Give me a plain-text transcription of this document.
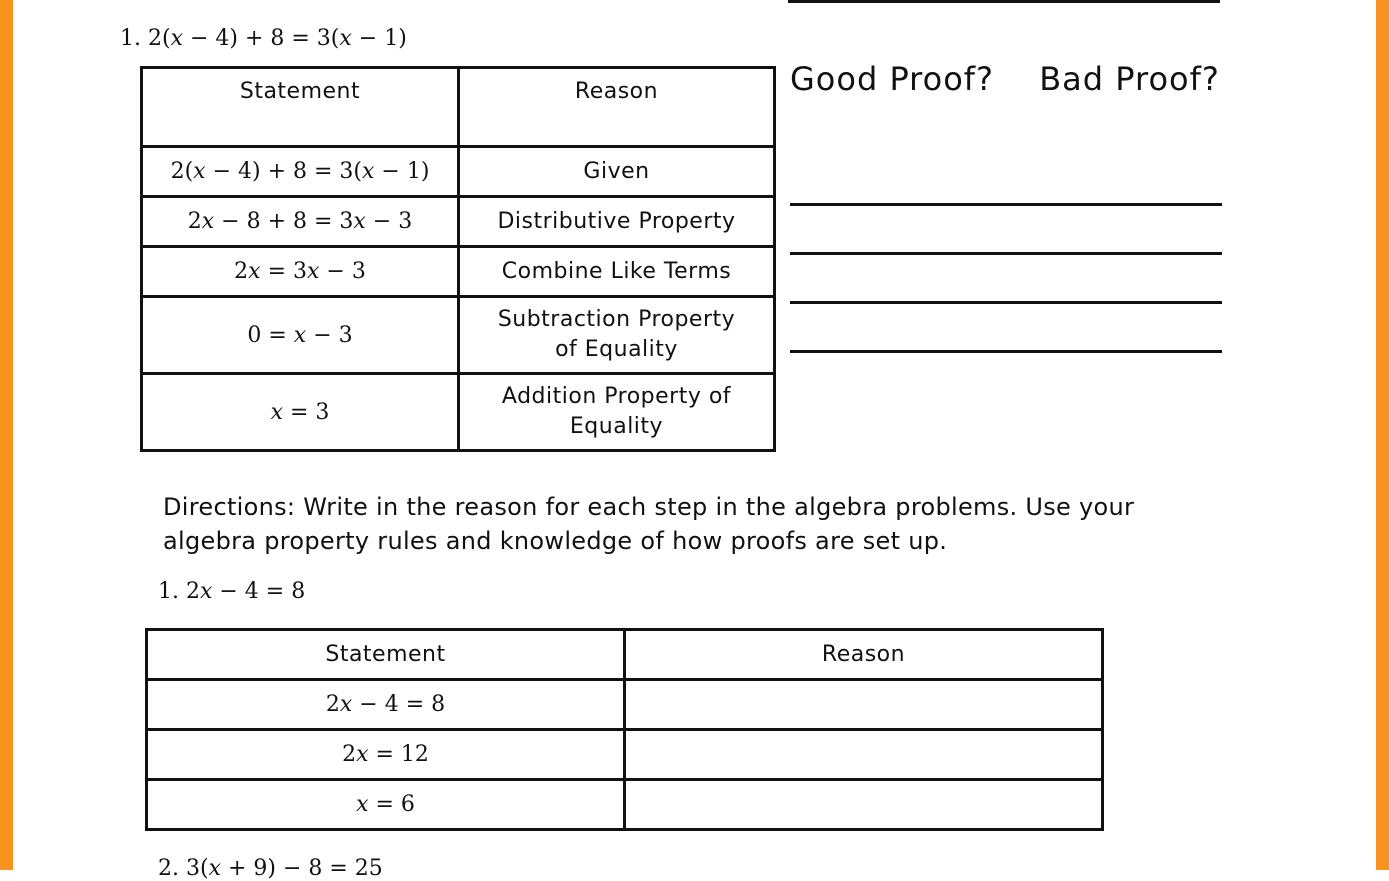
1. 2(𝑥 − 4) + 8 = 3(𝑥 − 1)
Statement	Reason
2(𝑥 − 4) + 8 = 3(𝑥 − 1)	Given
2𝑥 − 8 + 8 = 3𝑥 − 3	Distributive Property
2𝑥 = 3𝑥 − 3	Combine Like Terms
0 = 𝑥 − 3	Subtraction Property
of Equality

𝑥 = 3	Addition Property of
Equality
Good Proof? Bad Proof?
Directions: Write in the reason for each step in the algebra problems. Use your
algebra property rules and knowledge of how proofs are set up.
1. 2𝑥 − 4 = 8
Statement	Reason
2𝑥 − 4 = 8	
2𝑥 = 12	
𝑥 = 6	
2. 3(𝑥 + 9) − 8 = 25
